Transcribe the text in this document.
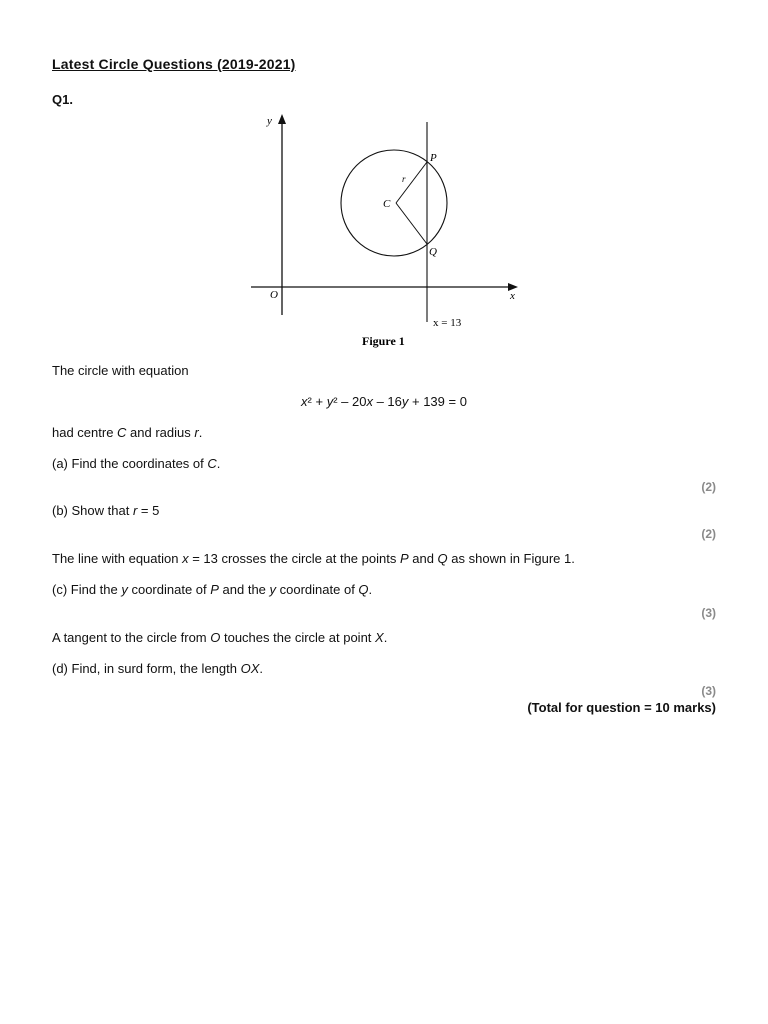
Latest Circle Questions (2019-2021)
Q1.
y
x
O
P
Q
C
r
x = 13
Figure 1
The circle with equation
x² + y² – 20x – 16y + 139 = 0
had centre C and radius r.
(a) Find the coordinates of C.
(2)
(b) Show that r = 5
(2)
The line with equation x = 13 crosses the circle at the points P and Q as shown in Figure 1.
(c) Find the y coordinate of P and the y coordinate of Q.
(3)
A tangent to the circle from O touches the circle at point X.
(d) Find, in surd form, the length OX.
(3)
(Total for question = 10 marks)
